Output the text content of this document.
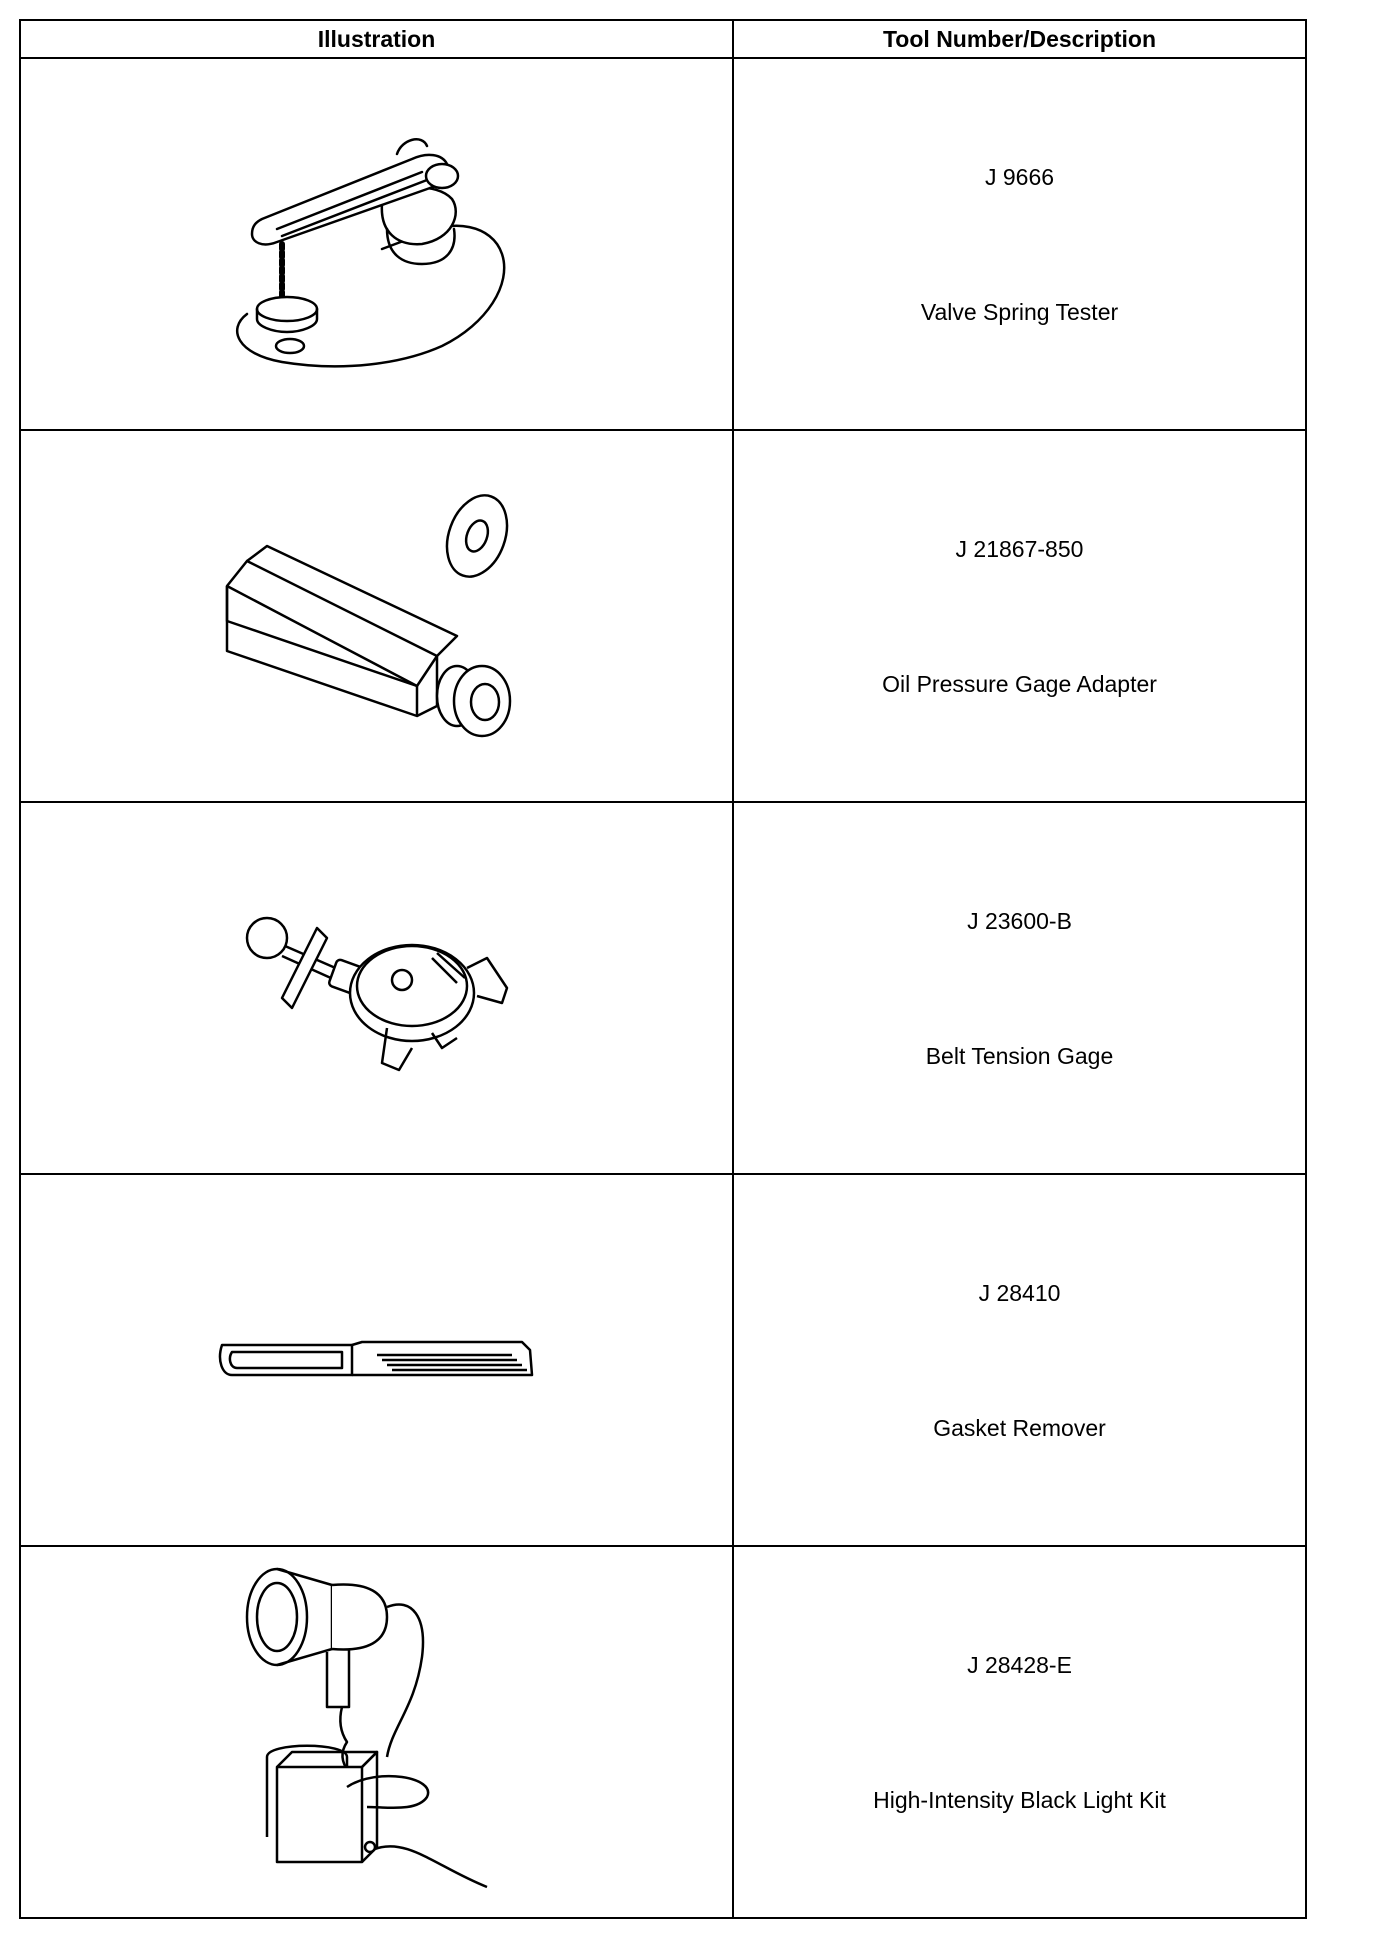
Illustration	Tool Number/Description

J 9666
Valve Spring Tester

J 21867-850
Oil Pressure Gage Adapter

J 23600-B
Belt Tension Gage

J 28410
Gasket Remover

J 28428-E
High-Intensity Black Light Kit
